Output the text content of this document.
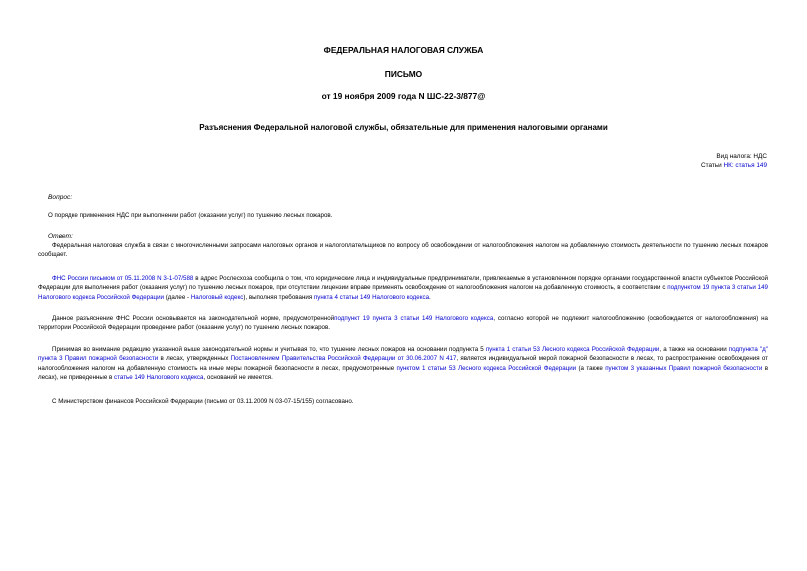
ФЕДЕРАЛЬНАЯ НАЛОГОВАЯ СЛУЖБА
ПИСЬМО
от 19 ноября 2009 года N ШС-22-3/877@
Разъяснения Федеральной налоговой службы, обязательные для применения налоговыми органами
Вид налога: НДС
Статьи НК: статья 149
Вопрос:
О порядке применения НДС при выполнении работ (оказании услуг) по тушению лесных пожаров.
Ответ:
Федеральная налоговая служба в связи с многочисленными запросами налоговых органов и налогоплательщиков по вопросу об освобождении от налогообложения налогом на добавленную стоимость деятельности по тушению лесных пожаров сообщает.
ФНС России письмом от 05.11.2008 N 3-1-07/588 в адрес Рослесхоза сообщила о том, что юридические лица и индивидуальные предприниматели, привлекаемые в установленном порядке органами государственной власти субъектов Российской Федерации для выполнения работ (оказания услуг) по тушению лесных пожаров, при отсутствии лицензии вправе применять освобождение от налогообложения налогом на добавленную стоимость, в соответствии с подпунктом 19 пункта 3 статьи 149 Налогового кодекса Российской Федерации (далее - Налоговый кодекс), выполняя требования пункта 4 статьи 149 Налогового кодекса.
Данное разъяснение ФНС России основывается на законодательной норме, предусмотреннойподпункт 19 пункта 3 статьи 149 Налогового кодекса, согласно которой не подлежит налогообложению (освобождается от налогообложения) на территории Российской Федерации проведение работ (оказание услуг) по тушению лесных пожаров.
Принимая во внимание редакцию указанной выше законодательной нормы и учитывая то, что тушение лесных пожаров на основании подпункта 5 пункта 1 статьи 53 Лесного кодекса Российской Федерации, а также на основании подпункта "д" пункта 3 Правил пожарной безопасности в лесах, утвержденных Постановлением Правительства Российской Федерации от 30.06.2007 N 417, является индивидуальной мерой пожарной безопасности в лесах, то распространение освобождения от налогообложения налогом на добавленную стоимость на иные меры пожарной безопасности в лесах, предусмотренные пунктом 1 статьи 53 Лесного кодекса Российской Федерации (а также пунктом 3 указанных Правил пожарной безопасности в лесах), не приведенные в статье 149 Налогового кодекса, оснований не имеется.
С Министерством финансов Российской Федерации (письмо от 03.11.2009 N 03-07-15/155) согласовано.
